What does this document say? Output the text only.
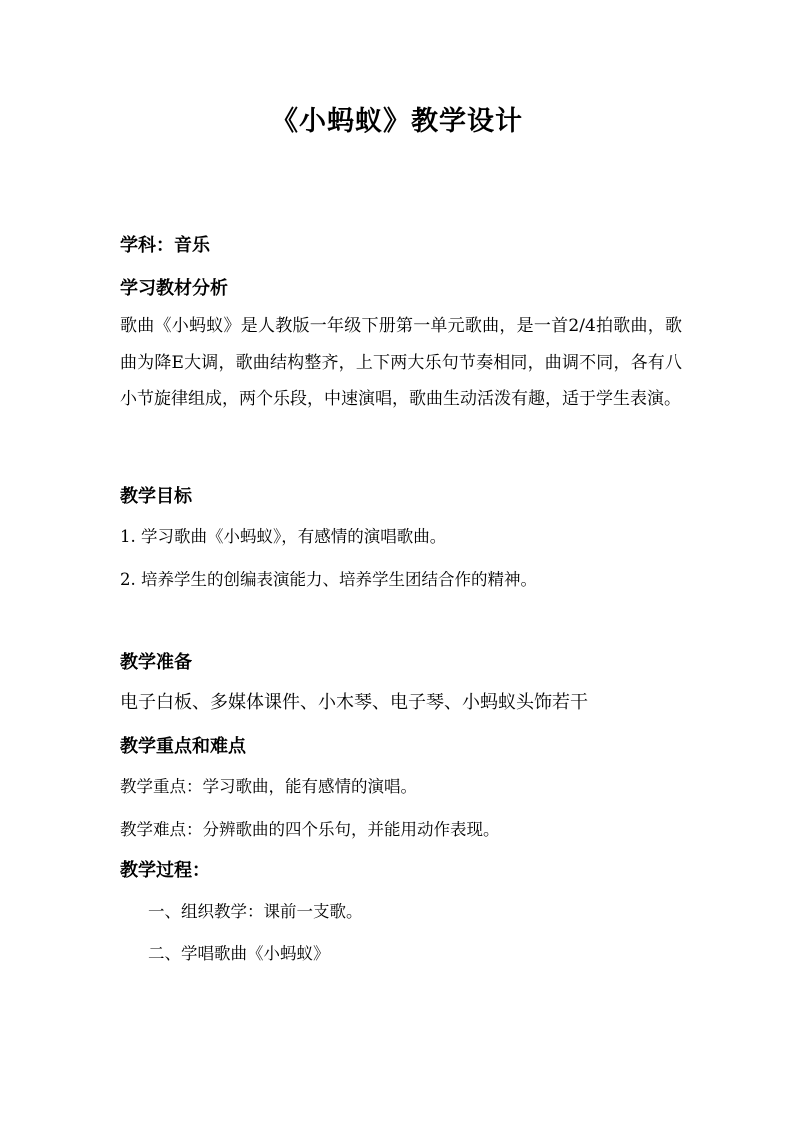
《小蚂蚁》教学设计
学科：音乐
学习教材分析
歌曲《小蚂蚁》是人教版一年级下册第一单元歌曲，是一首2/4拍歌曲，歌曲为降E大调，歌曲结构整齐，上下两大乐句节奏相同，曲调不同，各有八小节旋律组成，两个乐段，中速演唱，歌曲生动活泼有趣，适于学生表演。
教学目标
1. 学习歌曲《小蚂蚁》，有感情的演唱歌曲。
2. 培养学生的创编表演能力、培养学生团结合作的精神。
教学准备
电子白板、多媒体课件、小木琴、电子琴、小蚂蚁头饰若干
教学重点和难点
教学重点：学习歌曲，能有感情的演唱。
教学难点：分辨歌曲的四个乐句，并能用动作表现。
教学过程：
一、组织教学：课前一支歌。
二、学唱歌曲《小蚂蚁》
